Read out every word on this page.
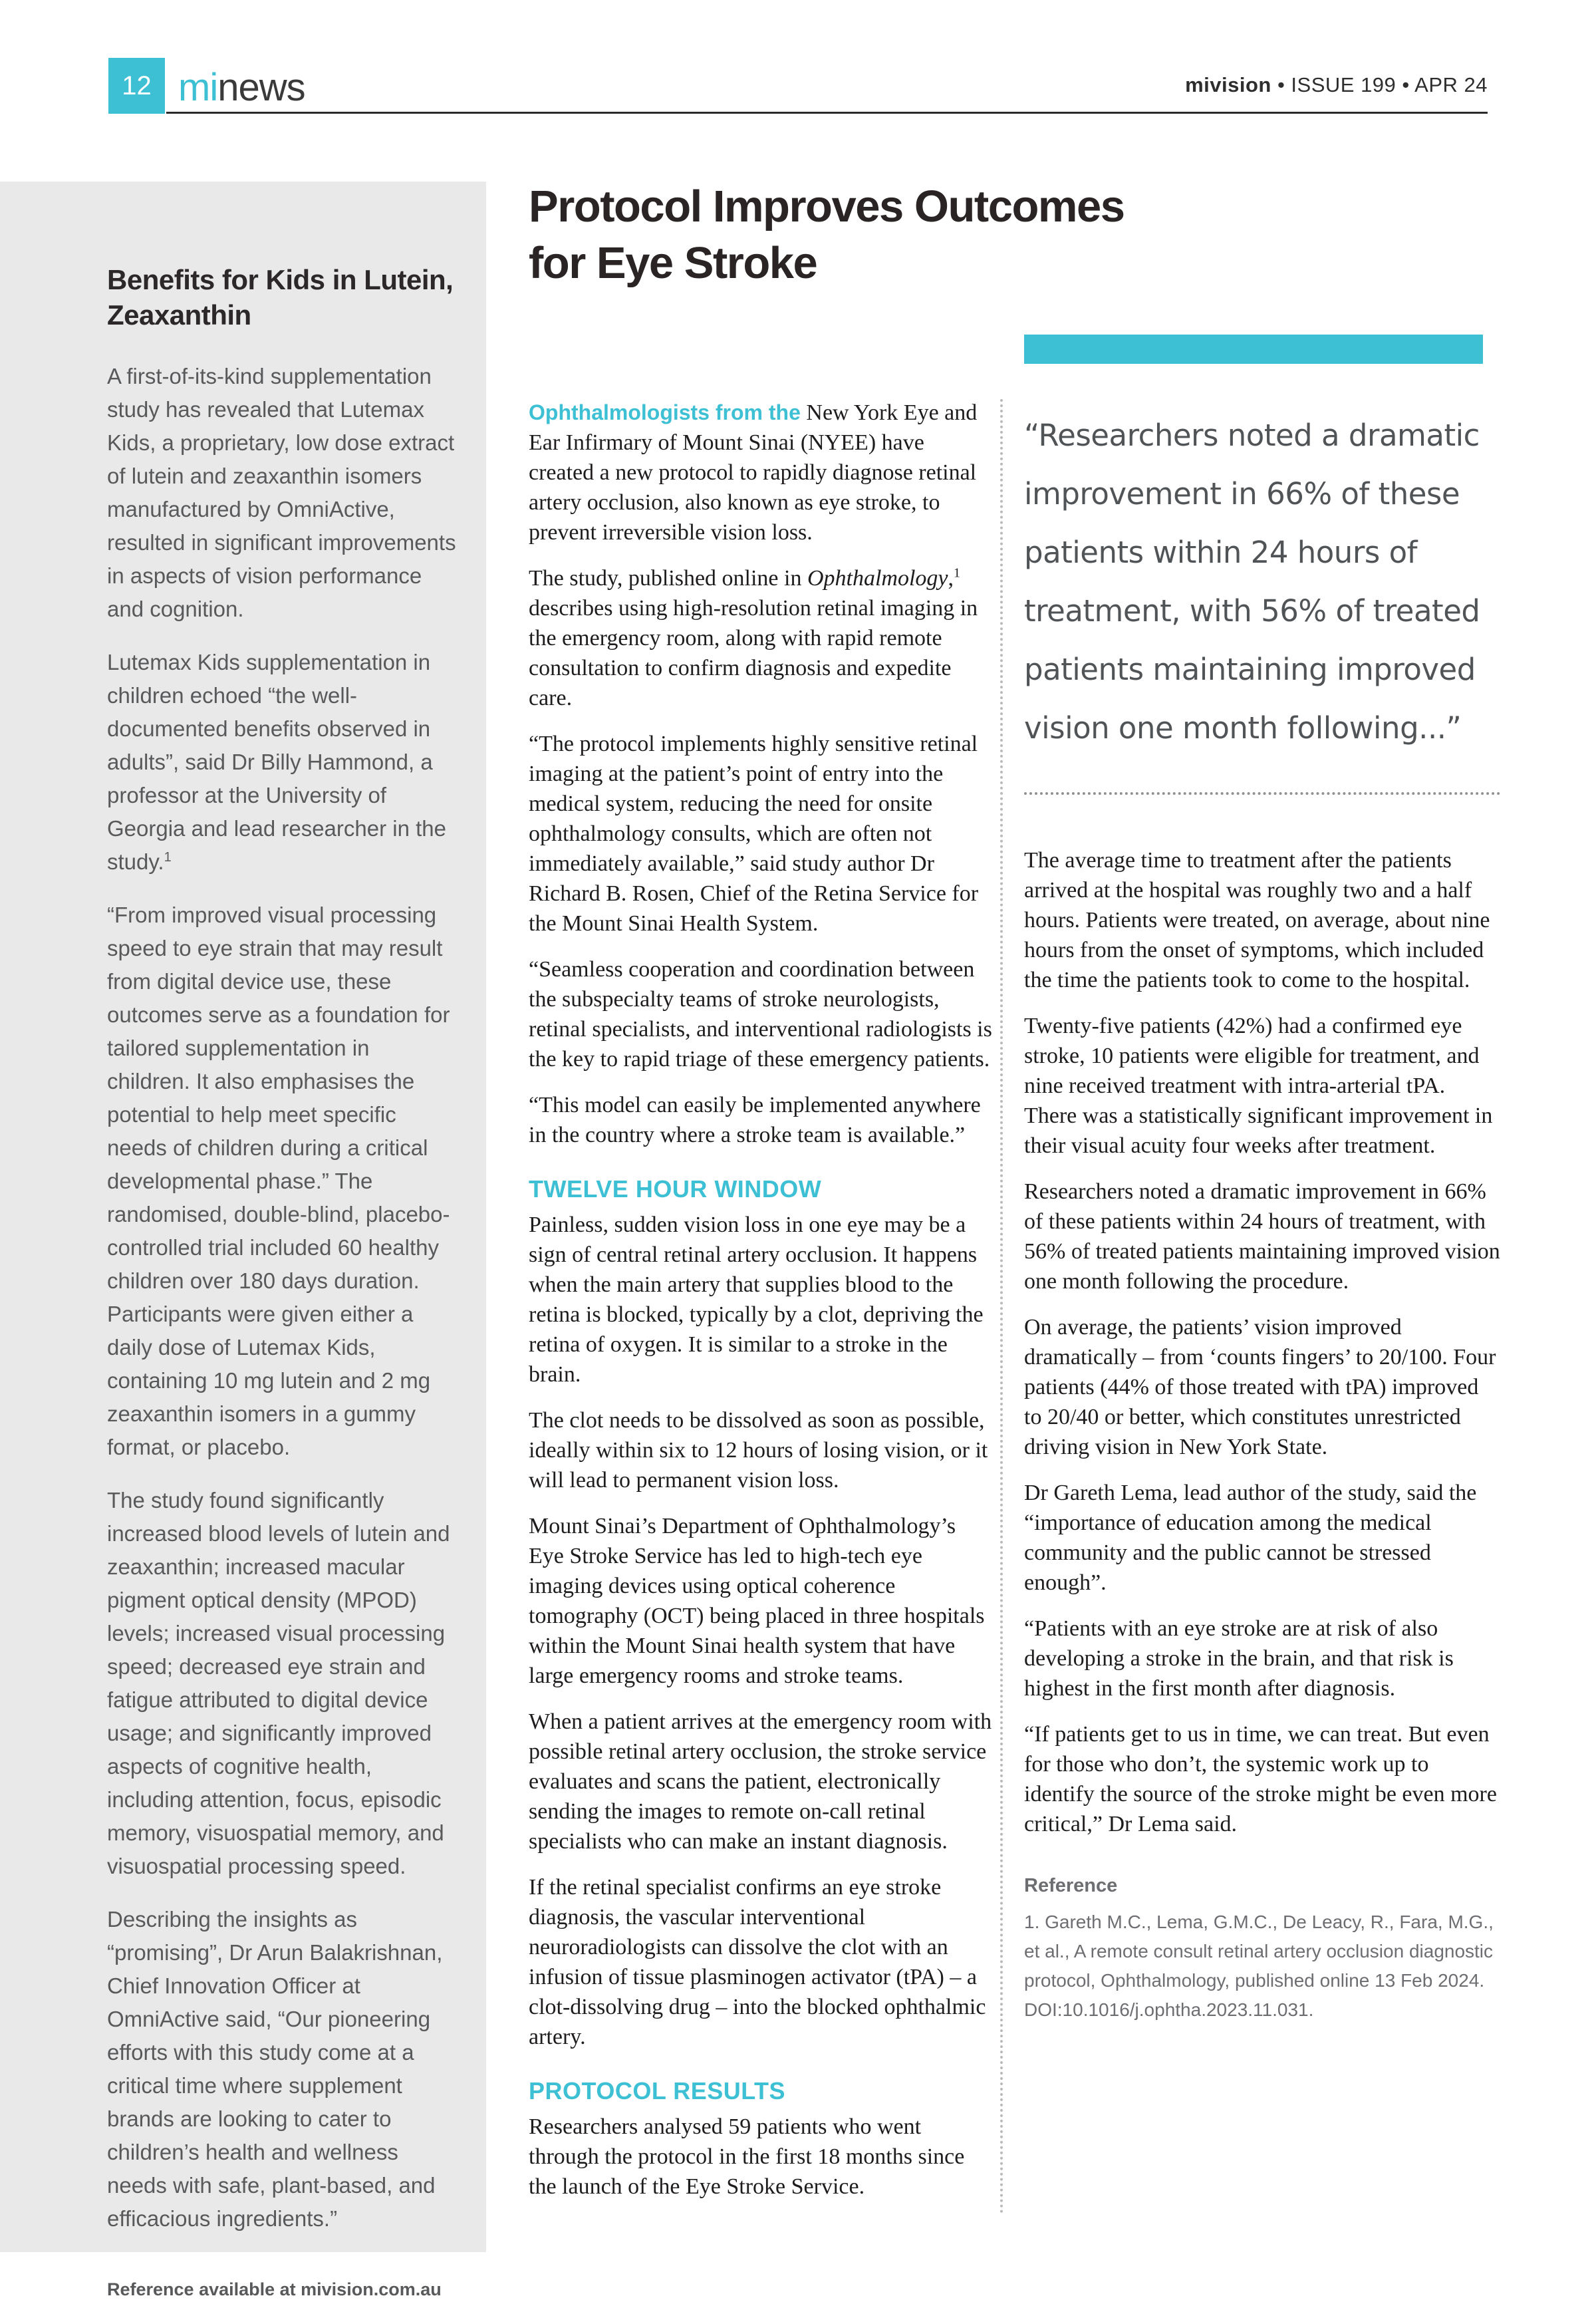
12 minews	mivision • ISSUE 199 • APR 24
Benefits for Kids in Lutein, Zeaxanthin

A first-of-its-kind supplementation study has revealed that Lutemax Kids, a proprietary, low dose extract of lutein and zeaxanthin isomers manufactured by OmniActive, resulted in significant improvements in aspects of vision performance and cognition.

Lutemax Kids supplementation in children echoed “the well-documented benefits observed in adults”, said Dr Billy Hammond, a professor at the University of Georgia and lead researcher in the study.$^1$

“From improved visual processing speed to eye strain that may result from digital device use, these outcomes serve as a foundation for tailored supplementation in children. It also emphasises the potential to help meet specific needs of children during a critical developmental phase.” The randomised, double-blind, placebo-controlled trial included 60 healthy children over 180 days duration. Participants were given either a daily dose of Lutemax Kids, containing 10 mg lutein and 2 mg zeaxanthin isomers in a gummy format, or placebo.

The study found significantly increased blood levels of lutein and zeaxanthin; increased macular pigment optical density (MPOD) levels; increased visual processing speed; decreased eye strain and fatigue attributed to digital device usage; and significantly improved aspects of cognitive health, including attention, focus, episodic memory, visuospatial memory, and visuospatial processing speed.

Describing the insights as “promising”, Dr Arun Balakrishnan, Chief Innovation Officer at OmniActive said, “Our pioneering efforts with this study come at a critical time where supplement brands are looking to cater to children’s health and wellness needs with safe, plant-based, and efficacious ingredients.”

Reference available at mivision.com.au
Protocol Improves Outcomes
for Eye Stroke

Ophthalmologists from the New York Eye and Ear Infirmary of Mount Sinai (NYEE) have created a new protocol to rapidly diagnose retinal artery occlusion, also known as eye stroke, to prevent irreversible vision loss.

The study, published online in Ophthalmology,$^1$ describes using high-resolution retinal imaging in the emergency room, along with rapid remote consultation to confirm diagnosis and expedite care.

“The protocol implements highly sensitive retinal imaging at the patient’s point of entry into the medical system, reducing the need for onsite ophthalmology consults, which are often not immediately available,” said study author Dr Richard B. Rosen, Chief of the Retina Service for the Mount Sinai Health System.

“Seamless cooperation and coordination between the subspecialty teams of stroke neurologists, retinal specialists, and interventional radiologists is the key to rapid triage of these emergency patients.

“This model can easily be implemented anywhere in the country where a stroke team is available.”

TWELVE HOUR WINDOW

Painless, sudden vision loss in one eye may be a sign of central retinal artery occlusion. It happens when the main artery that supplies blood to the retina is blocked, typically by a clot, depriving the retina of oxygen. It is similar to a stroke in the brain.

The clot needs to be dissolved as soon as possible, ideally within six to 12 hours of losing vision, or it will lead to permanent vision loss.

Mount Sinai’s Department of Ophthalmology’s Eye Stroke Service has led to high-tech eye imaging devices using optical coherence tomography (OCT) being placed in three hospitals within the Mount Sinai health system that have large emergency rooms and stroke teams.

When a patient arrives at the emergency room with possible retinal artery occlusion, the stroke service evaluates and scans the patient, electronically sending the images to remote on-call retinal specialists who can make an instant diagnosis.

If the retinal specialist confirms an eye stroke diagnosis, the vascular interventional neuroradiologists can dissolve the clot with an infusion of tissue plasminogen activator (tPA) – a clot-dissolving drug – into the blocked ophthalmic artery.

PROTOCOL RESULTS

Researchers analysed 59 patients who went through the protocol in the first 18 months since the launch of the Eye Stroke Service.

“Researchers noted a dramatic improvement in 66% of these patients within 24 hours of treatment, with 56% of treated patients maintaining improved vision one month following...”

The average time to treatment after the patients arrived at the hospital was roughly two and a half hours. Patients were treated, on average, about nine hours from the onset of symptoms, which included the time the patients took to come to the hospital.

Twenty-five patients (42%) had a confirmed eye stroke, 10 patients were eligible for treatment, and nine received treatment with intra-arterial tPA. There was a statistically significant improvement in their visual acuity four weeks after treatment.

Researchers noted a dramatic improvement in 66% of these patients within 24 hours of treatment, with 56% of treated patients maintaining improved vision one month following the procedure.

On average, the patients’ vision improved dramatically – from ‘counts fingers’ to 20/100. Four patients (44% of those treated with tPA) improved to 20/40 or better, which constitutes unrestricted driving vision in New York State.

Dr Gareth Lema, lead author of the study, said the “importance of education among the medical community and the public cannot be stressed enough”.

“Patients with an eye stroke are at risk of also developing a stroke in the brain, and that risk is highest in the first month after diagnosis.

“If patients get to us in time, we can treat. But even for those who don’t, the systemic work up to identify the source of the stroke might be even more critical,” Dr Lema said.

Reference
1. Gareth M.C., Lema, G.M.C., De Leacy, R., Fara, M.G., et al., A remote consult retinal artery occlusion diagnostic protocol, Ophthalmology, published online 13 Feb 2024. DOI:10.1016/j.ophtha.2023.11.031.
